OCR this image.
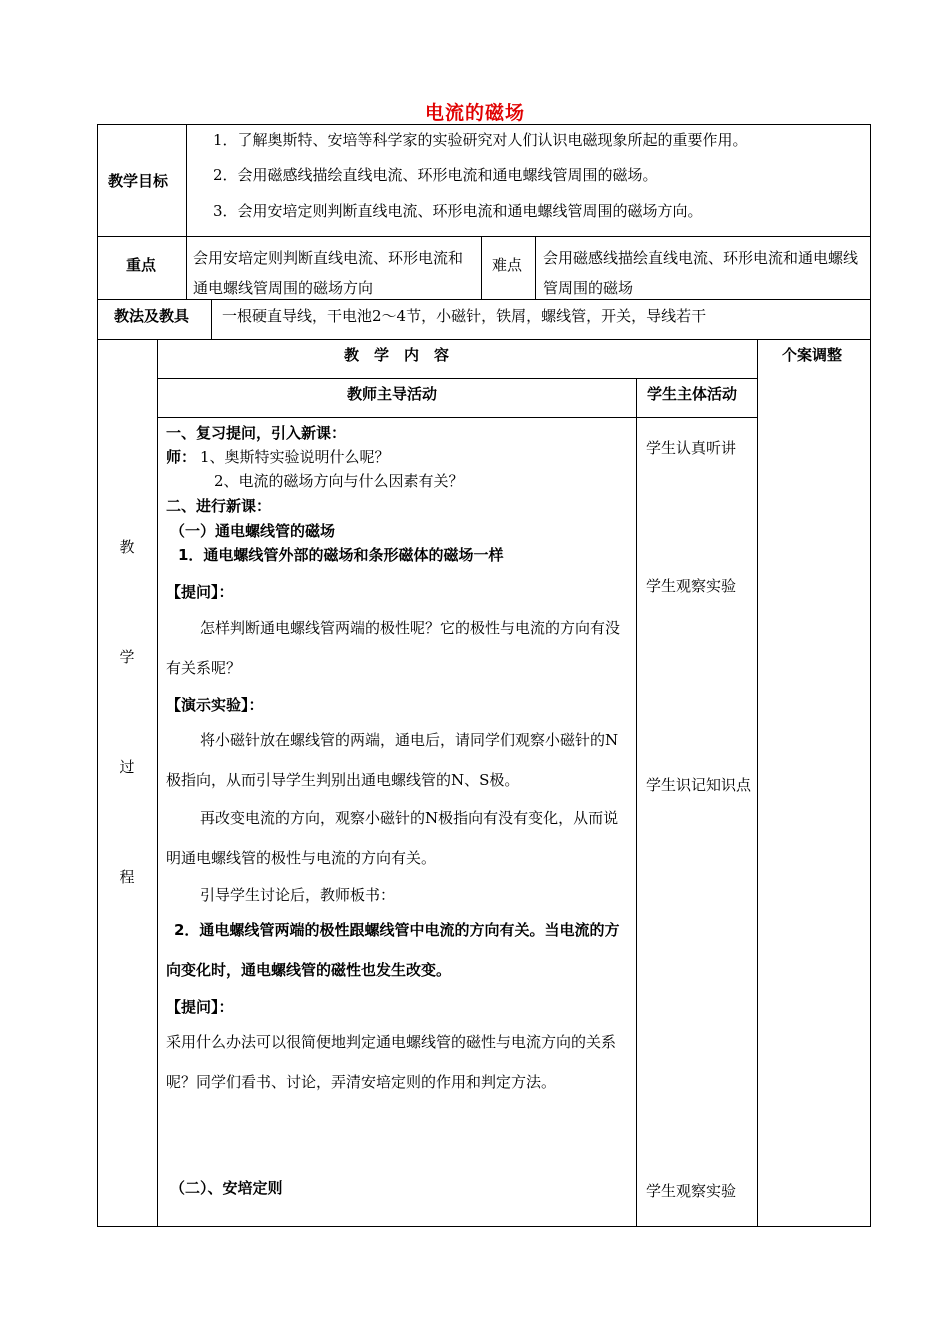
电流的磁场
教学目标
1．了解奥斯特、安培等科学家的实验研究对人们认识电磁现象所起的重要作用。
2．会用磁感线描绘直线电流、环形电流和通电螺线管周围的磁场。
3．会用安培定则判断直线电流、环形电流和通电螺线管周围的磁场方向。
重点 会用安培定则判断直线电流、环形电流和通电螺线管周围的磁场方向
难点 会用磁感线描绘直线电流、环形电流和通电螺线管周围的磁场
教法及教具 一根硬直导线，干电池2～4节，小磁针，铁屑，螺线管，开关，导线若干
教
学
过
程
教　学　内　容	个案调整
教师主导活动	学生主体活动
一、复习提问，引入新课：
师： 1、奥斯特实验说明什么呢？
2、电流的磁场方向与什么因素有关？
二、进行新课：
（一）通电螺线管的磁场
1．通电螺线管外部的磁场和条形磁体的磁场一样
【提问】：
怎样判断通电螺线管两端的极性呢？它的极性与电流的方向有没有关系呢？
【演示实验】：
将小磁针放在螺线管的两端，通电后，请同学们观察小磁针的N极指向，从而引导学生判别出通电螺线管的N、S极。
再改变电流的方向，观察小磁针的N极指向有没有变化，从而说明通电螺线管的极性与电流的方向有关。
引导学生讨论后，教师板书：
2．通电螺线管两端的极性跟螺线管中电流的方向有关。当电流的方向变化时，通电螺线管的磁性也发生改变。
【提问】：
采用什么办法可以很简便地判定通电螺线管的磁性与电流方向的关系呢？同学们看书、讨论，弄清安培定则的作用和判定方法。
（二）、安培定则
学生认真听讲
学生观察实验
学生识记知识点
学生观察实验
